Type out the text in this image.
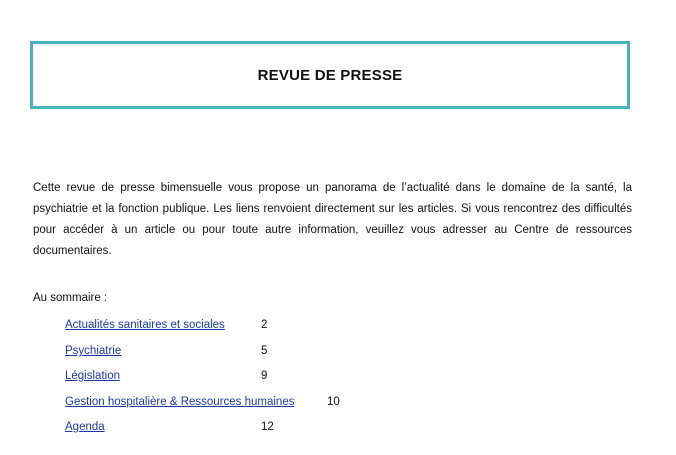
REVUE DE PRESSE

Cette revue de presse bimensuelle vous propose un panorama de l’actualité dans le domaine de la santé, la psychiatrie et la fonction publique. Les liens renvoient directement sur les articles. Si vous rencontrez des difficultés pour accéder à un article ou pour toute autre information, veuillez vous adresser au Centre de ressources documentaires.

Au sommaire :

Actualités sanitaires et sociales	2
Psychiatrie	5
Législation	9
Gestion hospitalière & Ressources humaines	10
Agenda	12
